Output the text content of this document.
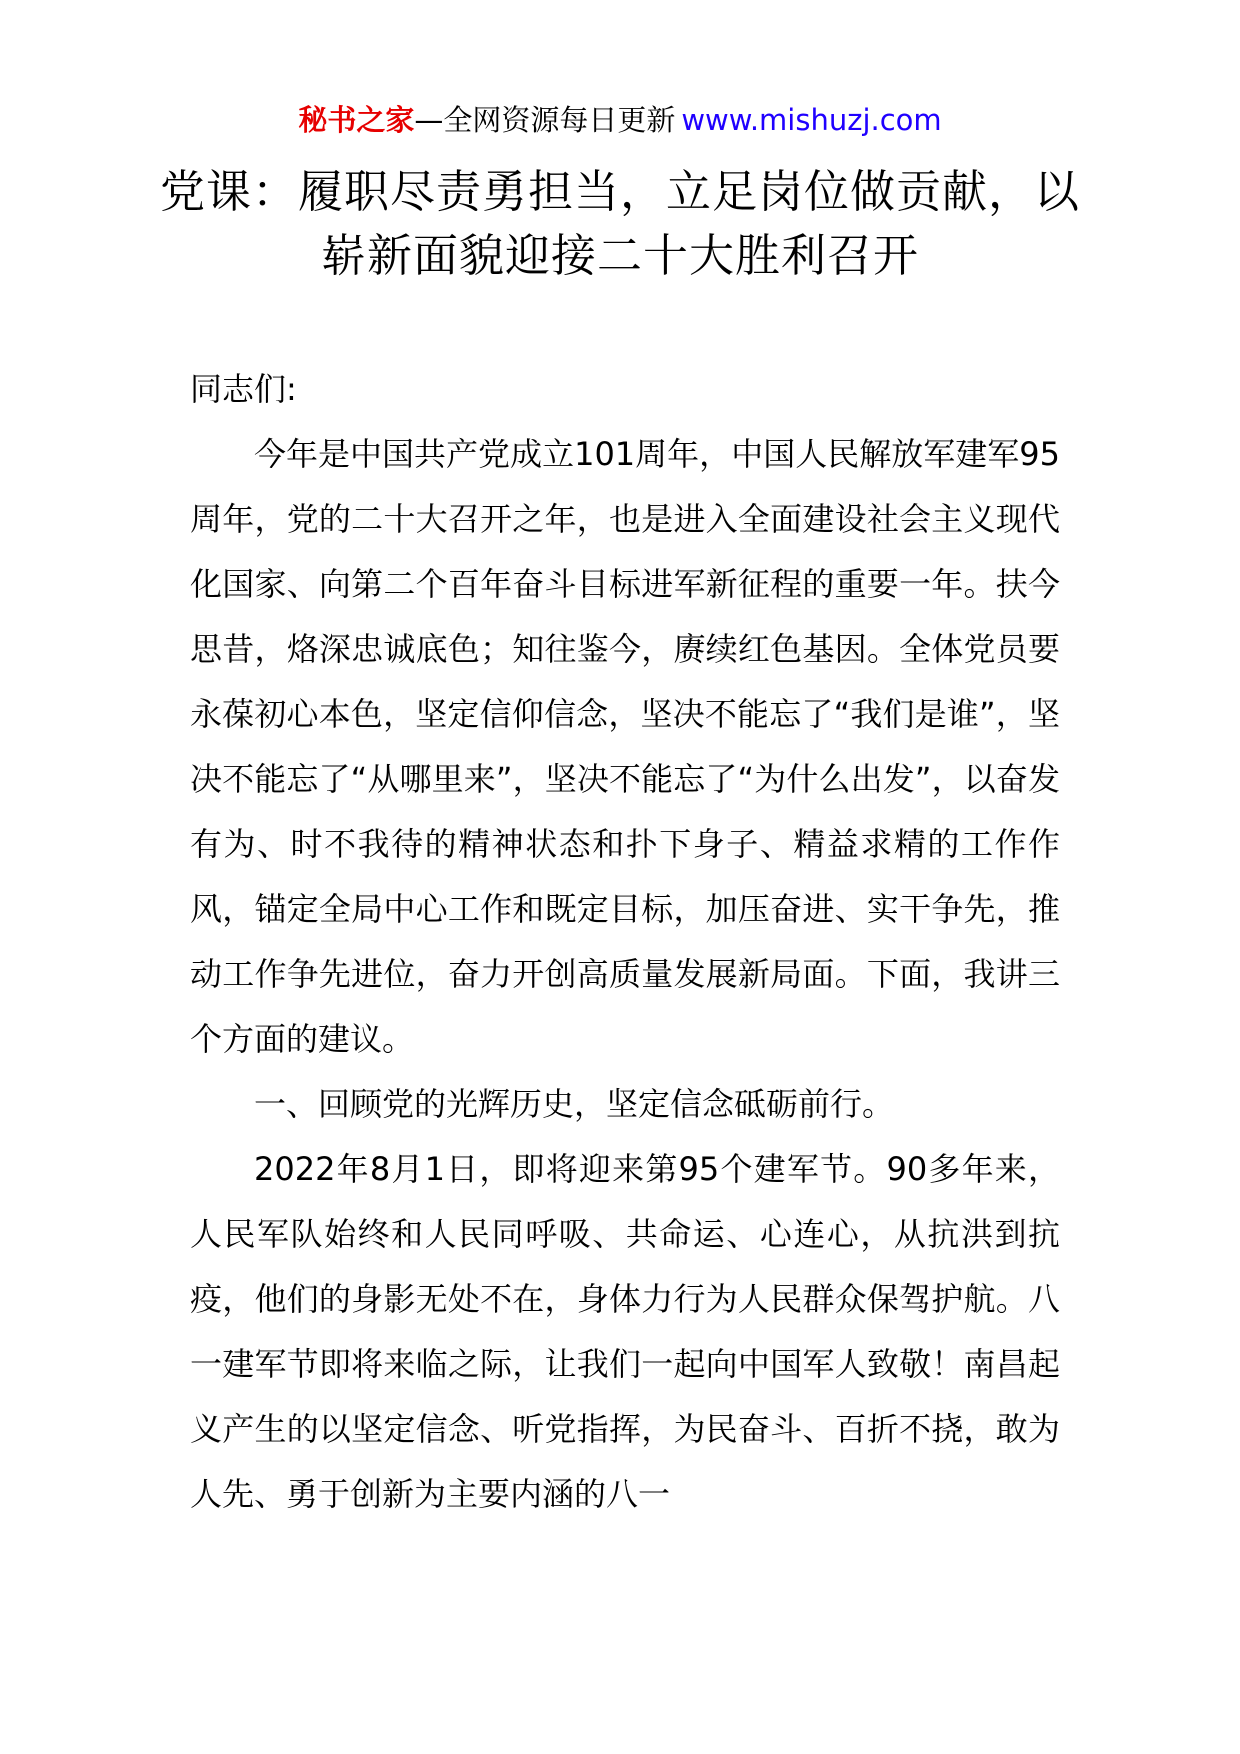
秘书之家—全网资源每日更新 www.mishuzj.com
党课：履职尽责勇担当，立足岗位做贡献，以崭新面貌迎接二十大胜利召开

同志们:

今年是中国共产党成立101周年，中国人民解放军建军95周年，党的二十大召开之年，也是进入全面建设社会主义现代化国家、向第二个百年奋斗目标进军新征程的重要一年。扶今思昔，烙深忠诚底色；知往鉴今，赓续红色基因。全体党员要永葆初心本色，坚定信仰信念，坚决不能忘了“我们是谁”，坚决不能忘了“从哪里来”，坚决不能忘了“为什么出发”，以奋发有为、时不我待的精神状态和扑下身子、精益求精的工作作风，锚定全局中心工作和既定目标，加压奋进、实干争先，推动工作争先进位，奋力开创高质量发展新局面。下面，我讲三个方面的建议。

一、回顾党的光辉历史，坚定信念砥砺前行。

2022年8月1日，即将迎来第95个建军节。90多年来，人民军队始终和人民同呼吸、共命运、心连心，从抗洪到抗疫，他们的身影无处不在，身体力行为人民群众保驾护航。八一建军节即将来临之际，让我们一起向中国军人致敬！南昌起义产生的以坚定信念、听党指挥，为民奋斗、百折不挠，敢为人先、勇于创新为主要内涵的八一
